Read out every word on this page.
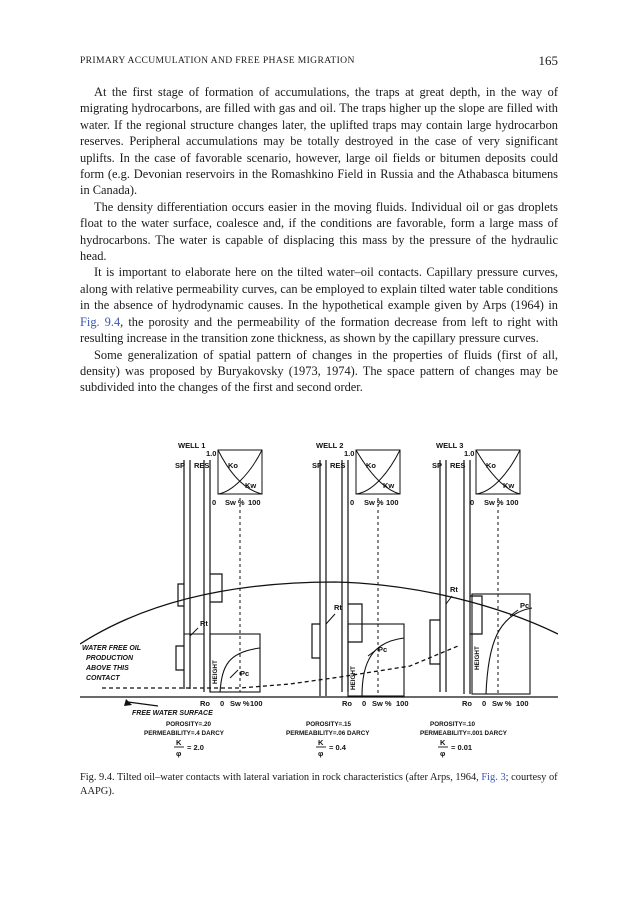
PRIMARY ACCUMULATION AND FREE PHASE MIGRATION	165

At the first stage of formation of accumulations, the traps at great depth, in the way of migrating hydrocarbons, are filled with gas and oil. The traps higher up the slope are filled with water. If the regional structure changes later, the uplifted traps may contain large hydrocarbon reserves. Peripheral accumulations may be totally destroyed in the case of very significant uplifts. In the case of favorable scenario, however, large oil fields or bitumen deposits could form (e.g. Devonian reservoirs in the Romashkino Field in Russia and the Athabasca bitumens in Canada).

The density differentiation occurs easier in the moving fluids. Individual oil or gas droplets float to the water surface, coalesce and, if the conditions are favorable, form a large mass of hydrocarbons. The water is capable of displacing this mass by the pressure of the hydraulic head.

It is important to elaborate here on the tilted water–oil contacts. Capillary pressure curves, along with relative permeability curves, can be employed to explain tilted water table conditions in the absence of hydrodynamic causes. In the hypothetical example given by Arps (1964) in Fig. 9.4, the porosity and the permeability of the formation decrease from left to right with resulting increase in the transition zone thickness, as shown by the capillary pressure curves.

Some generalization of spatial pattern of changes in the properties of fluids (first of all, density) was proposed by Buryakovsky (1973, 1974). The space pattern of changes may be subdivided into the changes of the first and second order.

WELL 1	WELL 2	WELL 3
SP RES	SP RES	SP RES
1.0	1.0	1.0
0 Sw % 100	0 Sw % 100	0 Sw % 100
Ko
Kw
Ko
Kw
Ko
Kw
Rt
Rt
Rt
Pc
Pc
Pc
HEIGHT	HEIGHT
HEIGHT
Ro 0 Sw % 100	Ro 0 Sw % 100	Ro 0 Sw % 100
WATER FREE OIL
PRODUCTION
ABOVE THIS
CONTACT
FREE WATER SURFACE
POROSITY=.20
PERMEABILITY=.4 DARCY
POROSITY=.15
PERMEABILITY=.06 DARCY
POROSITY=.10
PERMEABILITY=.001 DARCY
K
φ
= 2.0
K
φ
= 0.4
K
φ
= 0.01
Fig. 9.4. Tilted oil–water contacts with lateral variation in rock characteristics (after Arps, 1964, Fig. 3; courtesy of AAPG).
